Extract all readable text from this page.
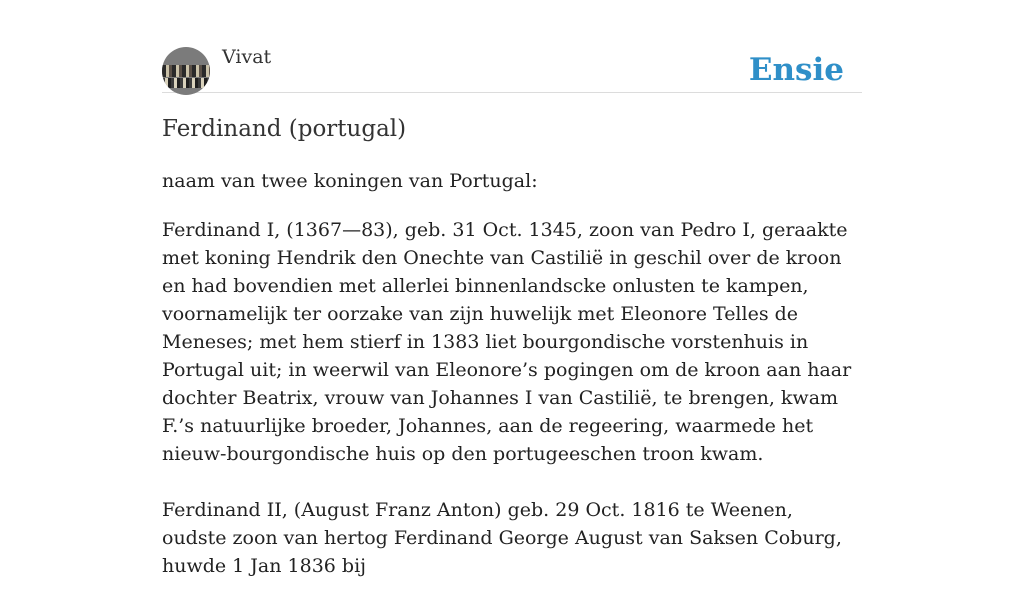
Vivat	Ensie
Ferdinand (portugal)
naam van twee koningen van Portugal:

Ferdinand I, (1367—83), geb. 31 Oct. 1345, zoon van Pedro I, geraakte met koning Hendrik den Onechte van Castilië in geschil over de kroon en had bovendien met allerlei binnenlandscke onlusten te kampen, voornamelijk ter oorzake van zijn huwelijk met Eleonore Telles de Meneses; met hem stierf in 1383 liet bourgondische vorstenhuis in Portugal uit; in weerwil van Eleonore’s pogingen om de kroon aan haar dochter Beatrix, vrouw van Johannes I van Castilië, te brengen, kwam F.’s natuurlijke broeder, Johannes, aan de regeering, waarmede het nieuw-bourgondische huis op den portugeeschen troon kwam.

Ferdinand II, (August Franz Anton) geb. 29 Oct. 1816 te Weenen, oudste zoon van hertog Ferdinand George August van Saksen Coburg, huwde 1 Jan 1836 bij
